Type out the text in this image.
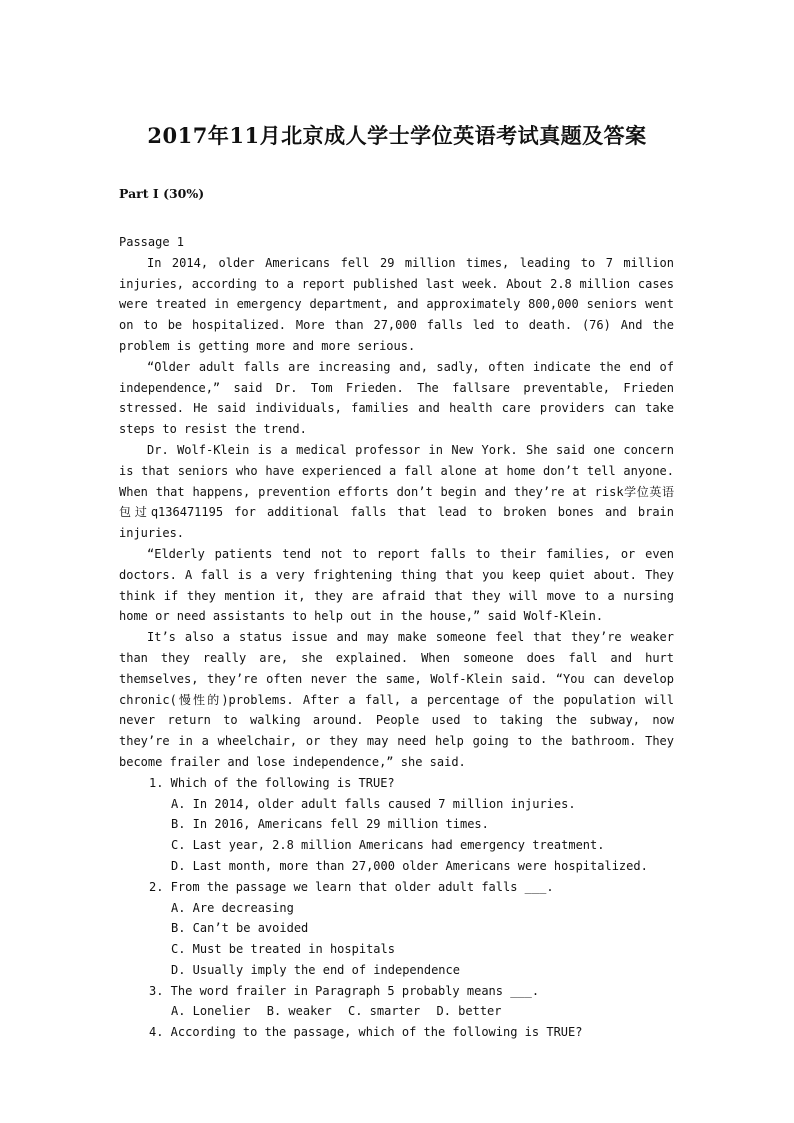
2017年11月北京成人学士学位英语考试真题及答案
Part I (30%)

Passage 1

In 2014, older Americans fell 29 million times, leading to 7 million injuries, according to a report published last week. About 2.8 million cases were treated in emergency department, and approximately 800,000 seniors went on to be hospitalized. More than 27,000 falls led to death. (76) And the problem is getting more and more serious.

“Older adult falls are increasing and, sadly, often indicate the end of independence,” said Dr. Tom Frieden. The fallsare preventable, Frieden stressed. He said individuals, families and health care providers can take steps to resist the trend.

Dr. Wolf-Klein is a medical professor in New York. She said one concern is that seniors who have experienced a fall alone at home don’t tell anyone. When that happens, prevention efforts don’t begin and they’re at risk学位英语包过q136471195 for additional falls that lead to broken bones and brain injuries.

“Elderly patients tend not to report falls to their families, or even doctors. A fall is a very frightening thing that you keep quiet about. They think if they mention it, they are afraid that they will move to a nursing home or need assistants to help out in the house,” said Wolf-Klein.

It’s also a status issue and may make someone feel that they’re weaker than they really are, she explained. When someone does fall and hurt themselves, they’re often never the same, Wolf-Klein said. “You can develop chronic(慢性的)problems. After a fall, a percentage of the population will never return to walking around. People used to taking the subway, now they’re in a wheelchair, or they may need help going to the bathroom. They become frailer and lose independence,” she said.

1. Which of the following is TRUE?

A. In 2014, older adult falls caused 7 million injuries.

B. In 2016, Americans fell 29 million times.

C. Last year, 2.8 million Americans had emergency treatment.

D. Last month, more than 27,000 older Americans were hospitalized.

2. From the passage we learn that older adult falls ___.

A. Are decreasing

B. Can’t be avoided

C. Must be treated in hospitals

D. Usually imply the end of independence

3. The word frailer in Paragraph 5 probably means ___.

A. Lonelier B. weaker C. smarter D. better

4. According to the passage, which of the following is TRUE?
